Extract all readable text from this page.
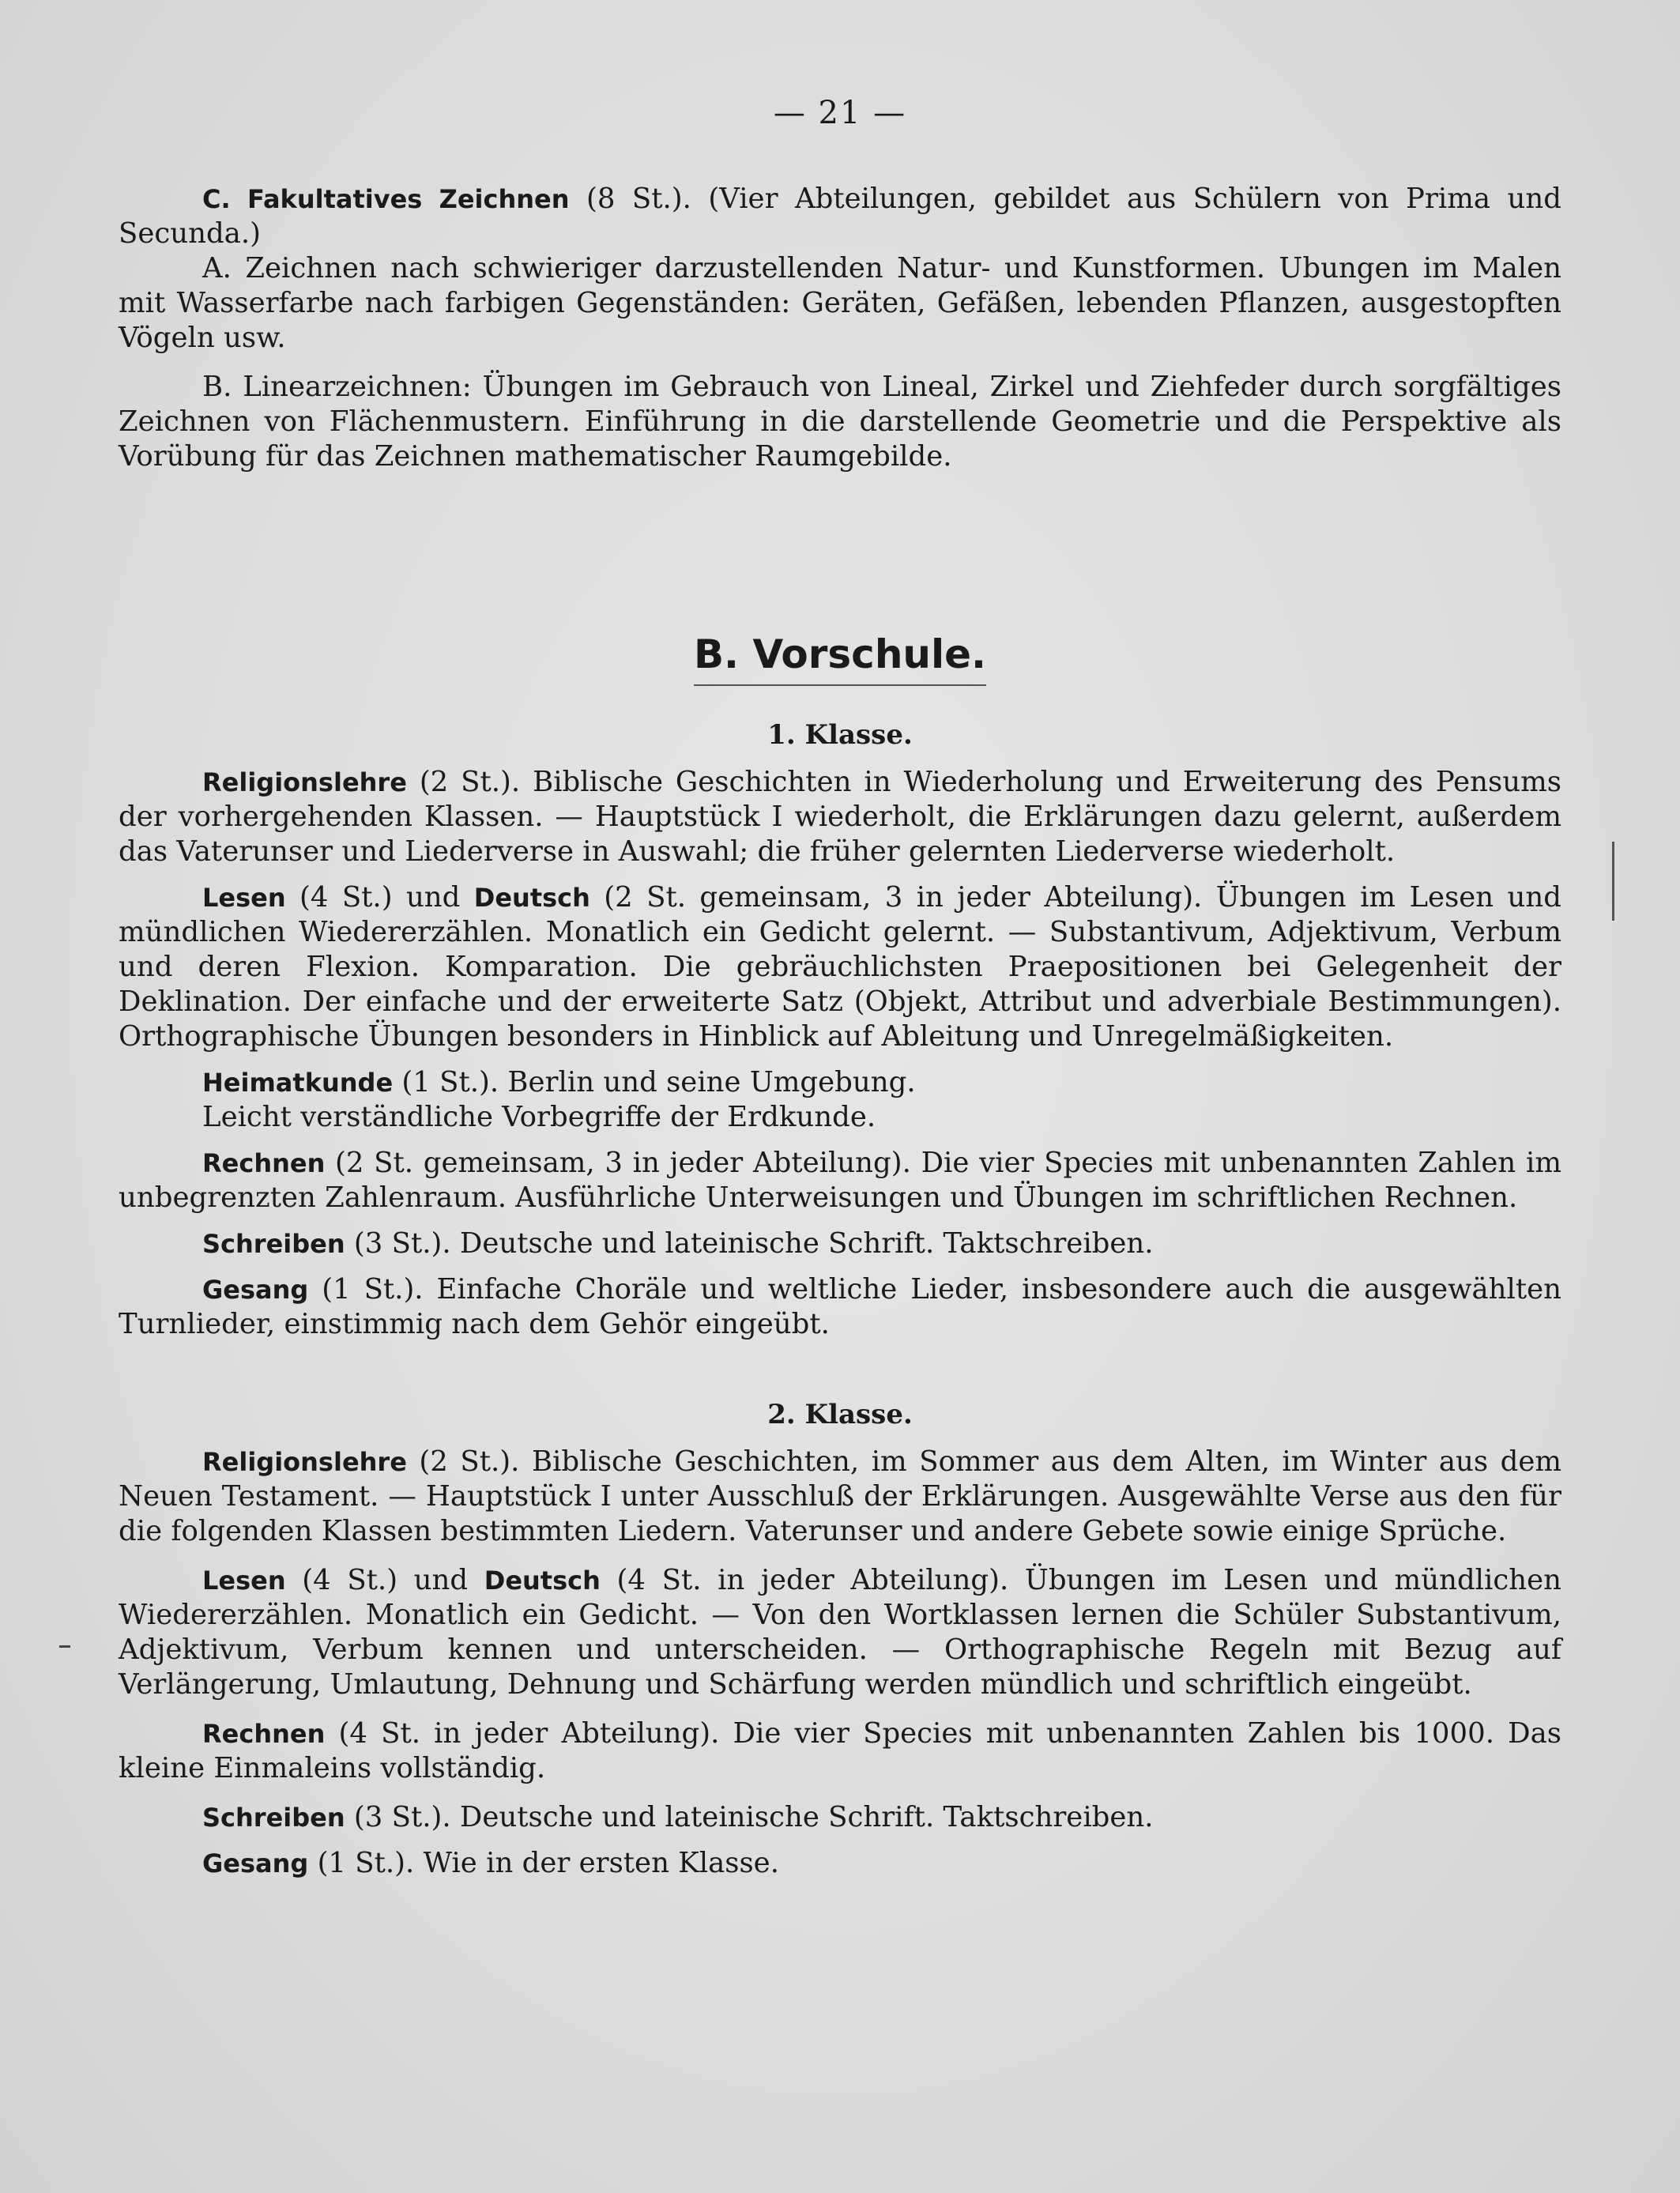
— 21 —

C. Fakultatives Zeichnen (8 St.). (Vier Abteilungen, gebildet aus Schülern von Prima und Secunda.)

A. Zeichnen nach schwieriger darzustellenden Natur- und Kunstformen. Ubungen im Malen mit Wasserfarbe nach farbigen Gegenständen: Geräten, Gefäßen, lebenden Pflanzen, ausgestopften Vögeln usw.

B. Linearzeichnen: Übungen im Gebrauch von Lineal, Zirkel und Ziehfeder durch sorgfältiges Zeichnen von Flächenmustern. Einführung in die darstellende Geometrie und die Perspektive als Vorübung für das Zeichnen mathematischer Raumgebilde.

B. Vorschule.
1. Klasse.

Religionslehre (2 St.). Biblische Geschichten in Wiederholung und Erweiterung des Pensums der vorhergehenden Klassen. — Hauptstück I wiederholt, die Erklärungen dazu gelernt, außerdem das Vaterunser und Liederverse in Auswahl; die früher gelernten Liederverse wiederholt.

Lesen (4 St.) und Deutsch (2 St. gemeinsam, 3 in jeder Abteilung). Übungen im Lesen und mündlichen Wiedererzählen. Monatlich ein Gedicht gelernt. — Substantivum, Adjektivum, Verbum und deren Flexion. Komparation. Die gebräuchlichsten Praepositionen bei Gelegenheit der Deklination. Der einfache und der erweiterte Satz (Objekt, Attribut und adverbiale Bestimmungen). Orthographische Übungen besonders in Hinblick auf Ableitung und Unregelmäßigkeiten.

Heimatkunde (1 St.). Berlin und seine Umgebung.

Leicht verständliche Vorbegriffe der Erdkunde.

Rechnen (2 St. gemeinsam, 3 in jeder Abteilung). Die vier Species mit unbenannten Zahlen im unbegrenzten Zahlenraum. Ausführliche Unterweisungen und Übungen im schriftlichen Rechnen.

Schreiben (3 St.). Deutsche und lateinische Schrift. Taktschreiben.

Gesang (1 St.). Einfache Choräle und weltliche Lieder, insbesondere auch die ausgewählten Turnlieder, einstimmig nach dem Gehör eingeübt.

2. Klasse.

Religionslehre (2 St.). Biblische Geschichten, im Sommer aus dem Alten, im Winter aus dem Neuen Testament. — Hauptstück I unter Ausschluß der Erklärungen. Ausgewählte Verse aus den für die folgenden Klassen bestimmten Liedern. Vaterunser und andere Gebete sowie einige Sprüche.

Lesen (4 St.) und Deutsch (4 St. in jeder Abteilung). Übungen im Lesen und mündlichen Wiedererzählen. Monatlich ein Gedicht. — Von den Wortklassen lernen die Schüler Substantivum, Adjektivum, Verbum kennen und unterscheiden. — Orthographische Regeln mit Bezug auf Verlängerung, Umlautung, Dehnung und Schärfung werden mündlich und schriftlich eingeübt.

Rechnen (4 St. in jeder Abteilung). Die vier Species mit unbenannten Zahlen bis 1000. Das kleine Einmaleins vollständig.

Schreiben (3 St.). Deutsche und lateinische Schrift. Taktschreiben.

Gesang (1 St.). Wie in der ersten Klasse.
